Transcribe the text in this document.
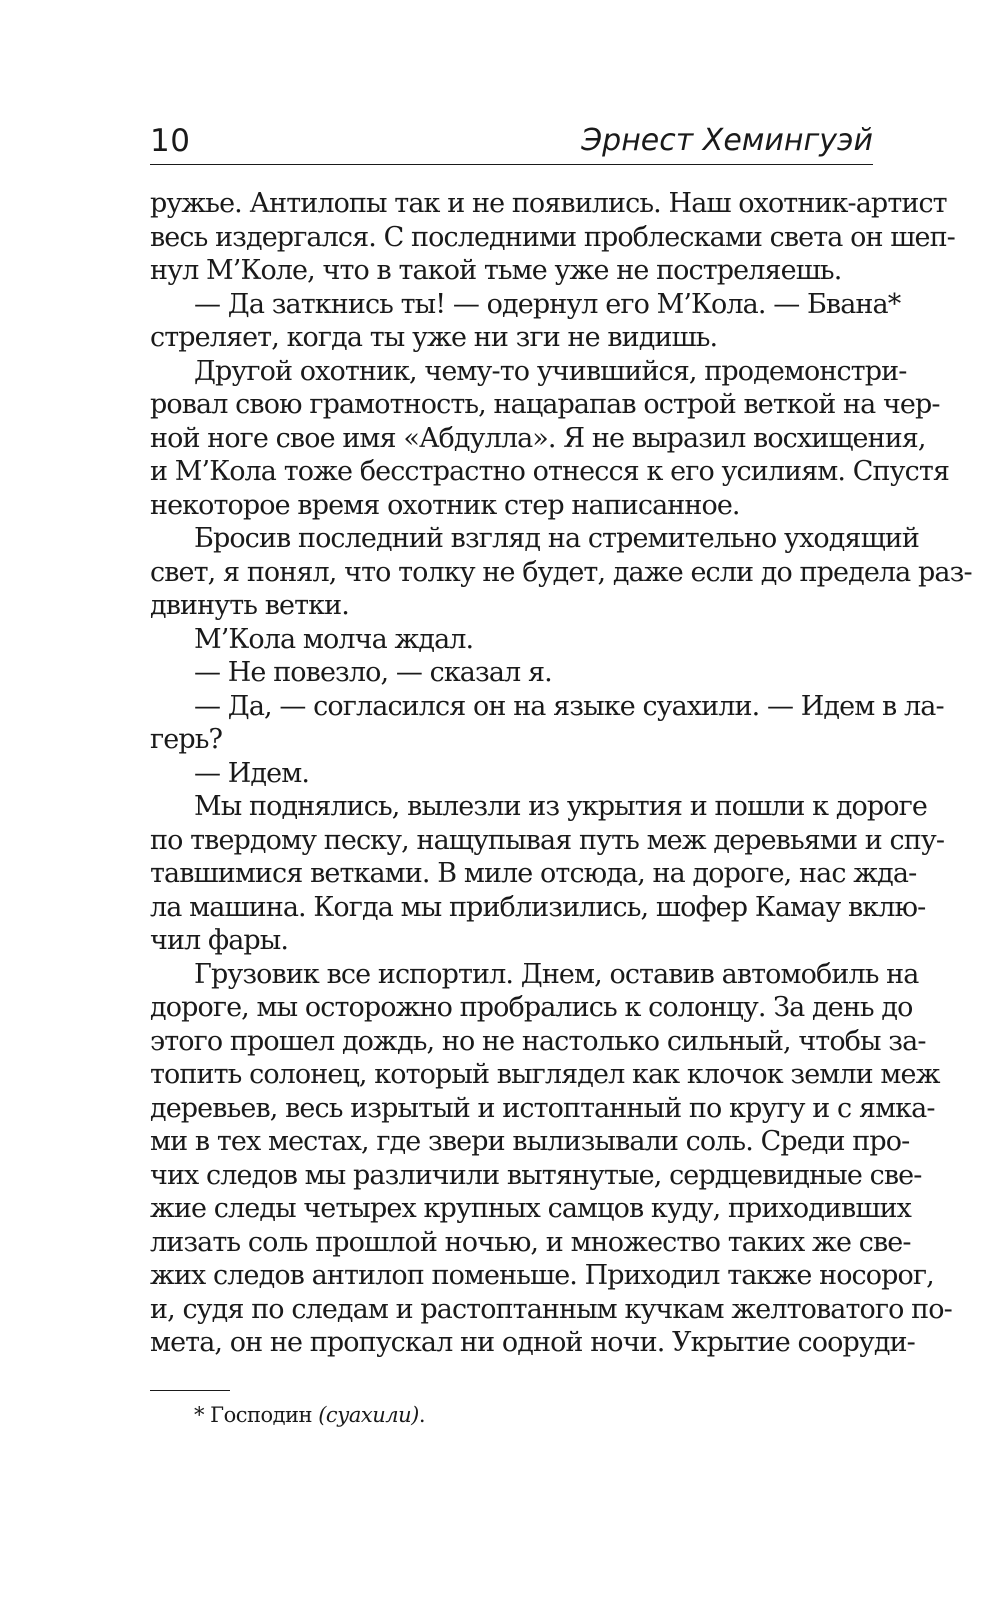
10	Эрнест Хемингуэй
ружье. Антилопы так и не появились. Наш охотник-артист
весь издергался. С последними проблесками света он шеп-
нул М’Коле, что в такой тьме уже не постреляешь.
— Да заткнись ты! — одернул его М’Кола. — Бвана*
стреляет, когда ты уже ни зги не видишь.
Другой охотник, чему-то учившийся, продемонстри-
ровал свою грамотность, нацарапав острой веткой на чер-
ной ноге свое имя «Абдулла». Я не выразил восхищения,
и М’Кола тоже бесстрастно отнесся к его усилиям. Спустя
некоторое время охотник стер написанное.
Бросив последний взгляд на стремительно уходящий
свет, я понял, что толку не будет, даже если до предела раз-
двинуть ветки.
М’Кола молча ждал.
— Не повезло, — сказал я.
— Да, — согласился он на языке суахили. — Идем в ла-
герь?
— Идем.
Мы поднялись, вылезли из укрытия и пошли к дороге
по твердому песку, нащупывая путь меж деревьями и спу-
тавшимися ветками. В миле отсюда, на дороге, нас жда-
ла машина. Когда мы приблизились, шофер Камау вклю-
чил фары.
Грузовик все испортил. Днем, оставив автомобиль на
дороге, мы осторожно пробрались к солонцу. За день до
этого прошел дождь, но не настолько сильный, чтобы за-
топить солонец, который выглядел как клочок земли меж
деревьев, весь изрытый и истоптанный по кругу и с ямка-
ми в тех местах, где звери вылизывали соль. Среди про-
чих следов мы различили вытянутые, сердцевидные све-
жие следы четырех крупных самцов куду, приходивших
лизать соль прошлой ночью, и множество таких же све-
жих следов антилоп поменьше. Приходил также носорог,
и, судя по следам и растоптанным кучкам желтоватого по-
мета, он не пропускал ни одной ночи. Укрытие сооруди-
* Господин (суахили).
